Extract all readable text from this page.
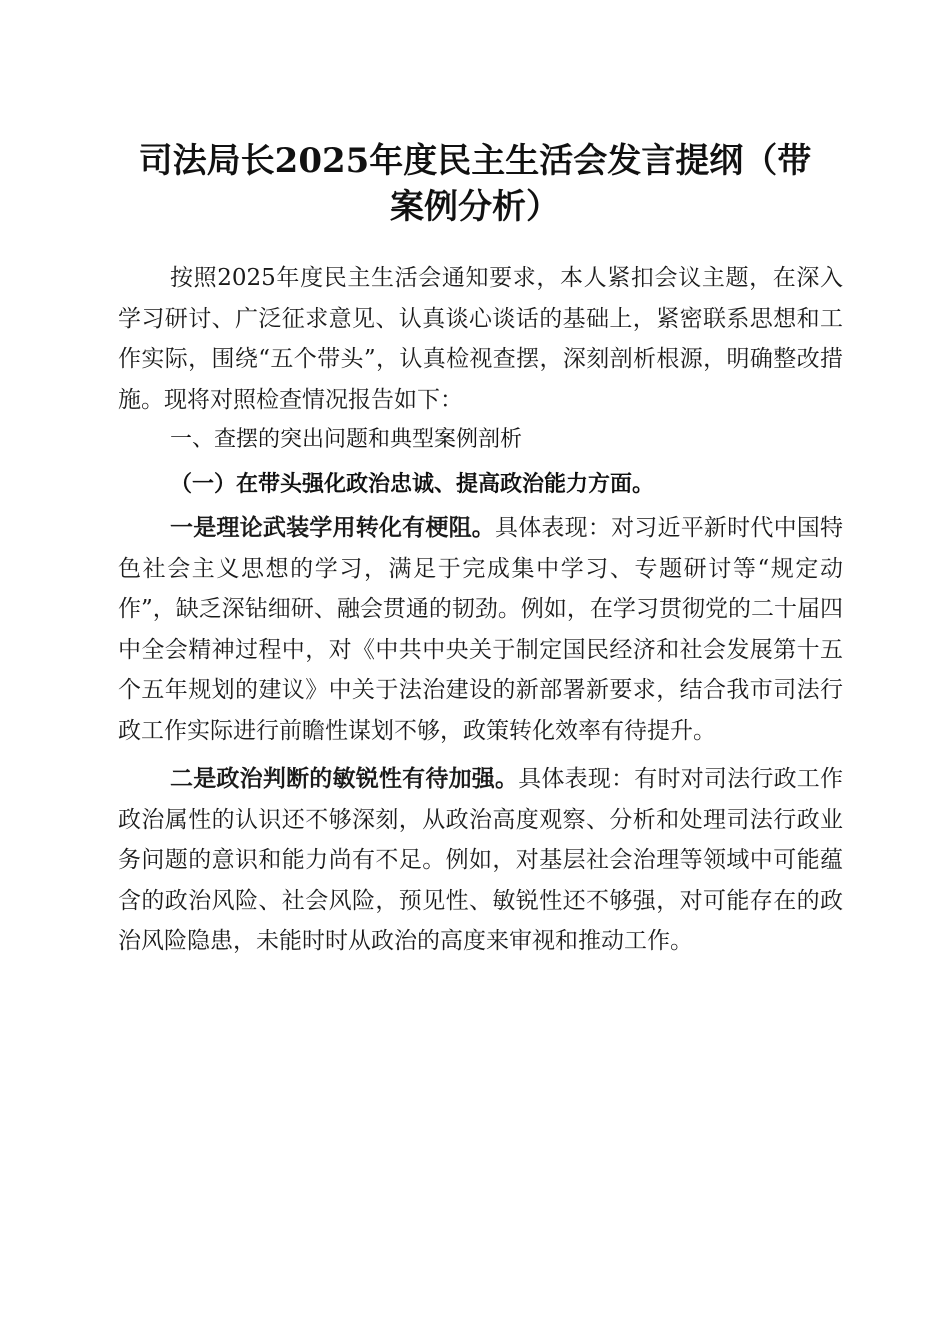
司法局长2025年度民主生活会发言提纲（带
案例分析）

按照2025年度民主生活会通知要求，本人紧扣会议主题，在深入学习研讨、广泛征求意见、认真谈心谈话的基础上，紧密联系思想和工作实际，围绕“五个带头”，认真检视查摆，深刻剖析根源，明确整改措施。现将对照检查情况报告如下：

一、查摆的突出问题和典型案例剖析

（一）在带头强化政治忠诚、提高政治能力方面。

一是理论武装学用转化有梗阻。具体表现：对习近平新时代中国特色社会主义思想的学习，满足于完成集中学习、专题研讨等“规定动作”，缺乏深钻细研、融会贯通的韧劲。例如，在学习贯彻党的二十届四中全会精神过程中，对《中共中央关于制定国民经济和社会发展第十五个五年规划的建议》中关于法治建设的新部署新要求，结合我市司法行政工作实际进行前瞻性谋划不够，政策转化效率有待提升。

二是政治判断的敏锐性有待加强。具体表现：有时对司法行政工作政治属性的认识还不够深刻，从政治高度观察、分析和处理司法行政业务问题的意识和能力尚有不足。例如，对基层社会治理等领域中可能蕴含的政治风险、社会风险，预见性、敏锐性还不够强，对可能存在的政治风险隐患，未能时时从政治的高度来审视和推动工作。
